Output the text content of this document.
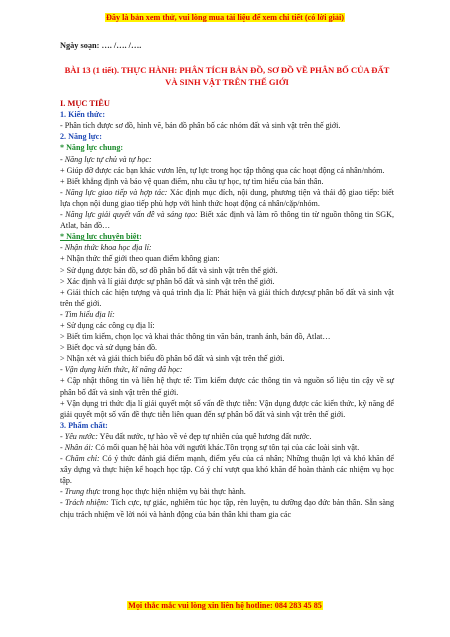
Đây là bản xem thử, vui lòng mua tài liệu để xem chi tiết (có lời giải)

Ngày soạn: …. /…. /….

BÀI 13 (1 tiết). THỰC HÀNH: PHÂN TÍCH BẢN ĐỒ, SƠ ĐỒ VỀ PHÂN BỐ CỦA ĐẤT VÀ SINH VẬT TRÊN THẾ GIỚI

I. MỤC TIÊU

1. Kiến thức:

- Phân tích được sơ đồ, hình vẽ, bản đồ phân bố các nhóm đất và sinh vật trên thế giới.

2. Năng lực:

* Năng lực chung:

- Năng lực tự chủ và tự học:

+ Giúp đỡ được các bạn khác vươn lên, tự lực trong học tập thông qua các hoạt động cá nhân/nhóm.

+ Biết khẳng định và bảo vệ quan điểm, nhu cầu tự học, tự tìm hiểu của bản thân.

- Năng lực giao tiếp và hợp tác: Xác định mục đích, nội dung, phương tiện và thái độ giao tiếp: biết lựa chọn nội dung giao tiếp phù hợp với hình thức hoạt động cá nhân/cặp/nhóm.

- Năng lực giải quyết vấn đề và sáng tạo: Biết xác định và làm rõ thông tin từ nguồn thông tin SGK, Atlat, bản đồ…

* Năng lực chuyên biệt:

- Nhận thức khoa học địa lí:

+ Nhận thức thế giới theo quan điểm không gian:

> Sử dụng được bản đồ, sơ đồ phân bố đất và sinh vật trên thế giới.

> Xác định và lí giải được sự phân bố đất và sinh vật trên thế giới.

+ Giải thích các hiện tượng và quá trình địa lí: Phát hiện và giải thích đượcsự phân bố đất và sinh vật trên thế giới.

- Tìm hiểu địa lí:

+ Sử dụng các công cụ địa lí:

> Biết tìm kiếm, chọn lọc và khai thác thông tin văn bản, tranh ảnh, bản đồ, Atlat…

> Biết đọc và sử dụng bản đồ.

> Nhận xét và giải thích biểu đồ phân bố đất và sinh vật trên thế giới.

- Vận dụng kiến thức, kĩ năng đã học:

+ Cập nhật thông tin và liên hệ thực tế: Tìm kiếm được các thông tin và nguồn số liệu tin cậy về sự phân bố đất và sinh vật trên thế giới.

+ Vận dụng tri thức địa lí giải quyết một số vấn đề thực tiễn: Vận dụng được các kiến thức, kỹ năng để giải quyết một số vấn đề thực tiễn liên quan đến sự phân bố đất và sinh vật trên thế giới.

3. Phẩm chất:

- Yêu nước: Yêu đất nước, tự hào về vẻ đẹp tự nhiên của quê hương đất nước.

- Nhân ái: Có mối quan hệ hài hòa với người khác.Tôn trọng sự tôn tại của các loài sinh vật.

- Chăm chỉ: Có ý thức đánh giá điểm mạnh, điểm yếu của cá nhân; Những thuận lợi và khó khăn để xây dựng và thực hiện kế hoạch học tập. Có ý chí vượt qua khó khăn để hoàn thành các nhiệm vụ học tập.

- Trung thực trong học thực hiện nhiệm vụ bài thực hành.

- Trách nhiệm: Tích cực, tự giác, nghiêm túc học tập, rèn luyện, tu dưỡng đạo đức bản thân. Sẵn sàng chịu trách nhiệm về lời nói và hành động của bản thân khi tham gia các

Mọi thắc mắc vui lòng xin liên hệ hotline: 084 283 45 85
